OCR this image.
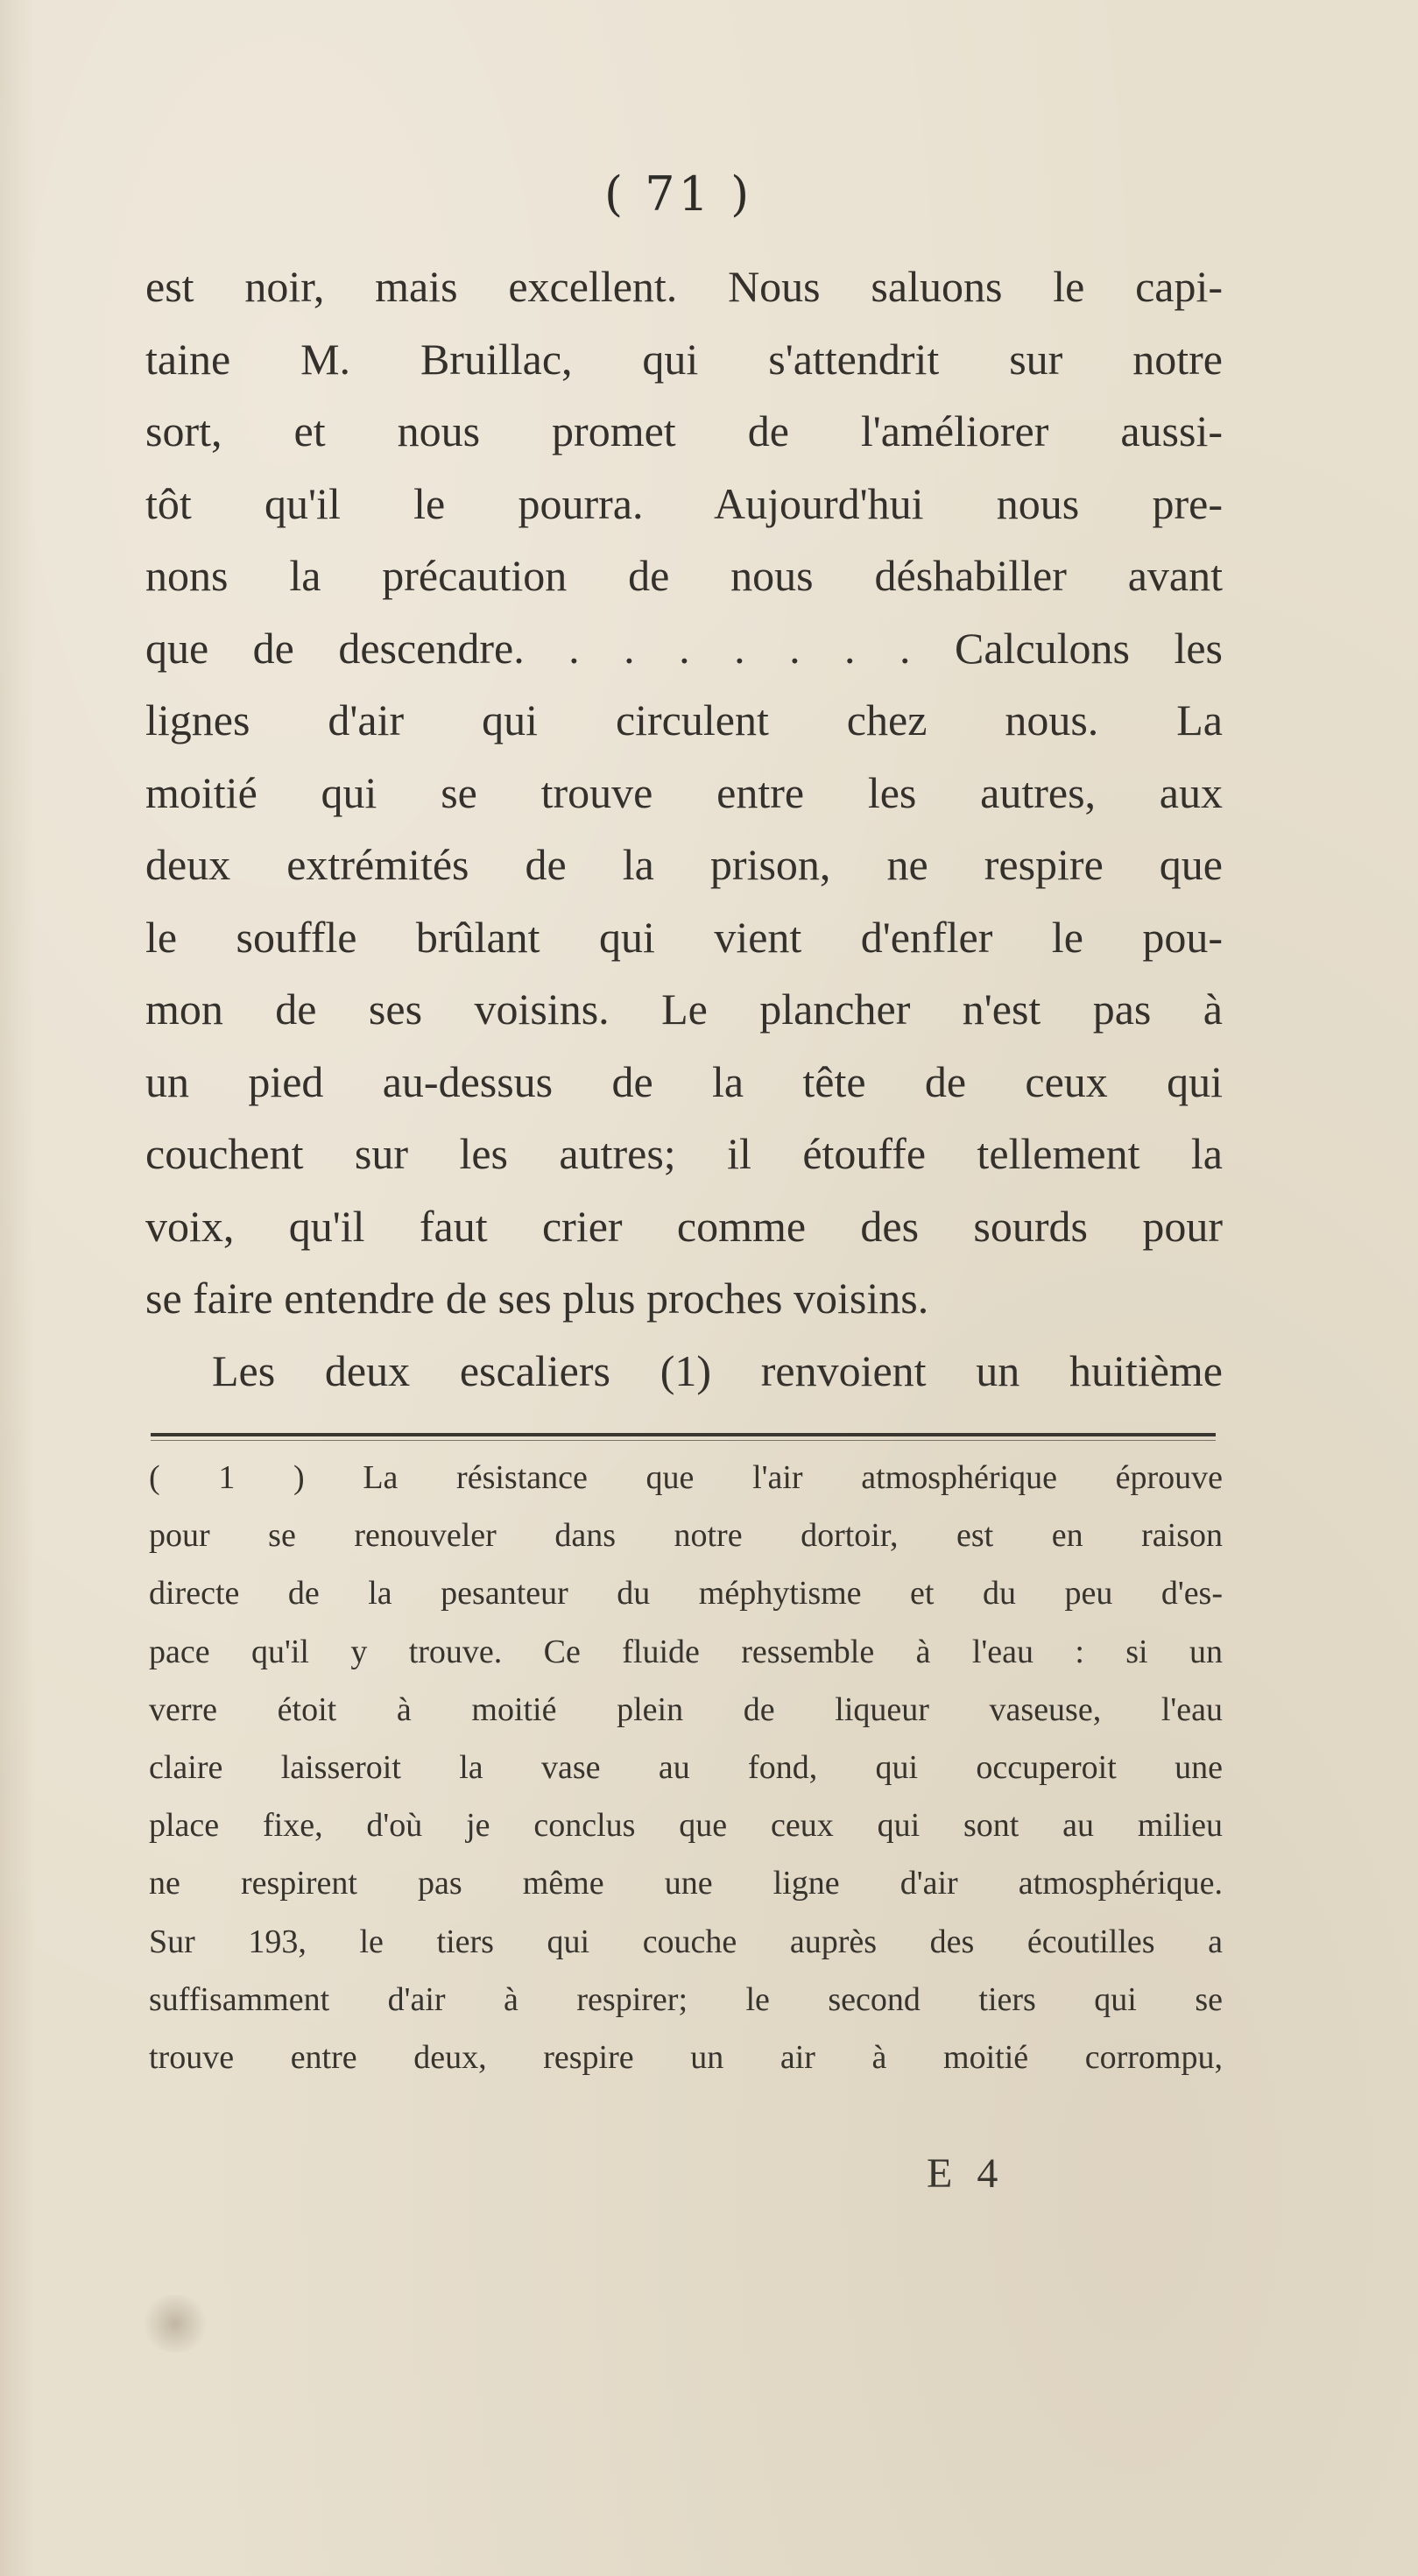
( 71 )
est noir, mais excellent. Nous saluons le capi-
taine M. Bruillac, qui s'attendrit sur notre
sort, et nous promet de l'améliorer aussi-
tôt qu'il le pourra. Aujourd'hui nous pre-
nons la précaution de nous déshabiller avant
que de descendre. . . . . . . . Calculons les
lignes d'air qui circulent chez nous. La
moitié qui se trouve entre les autres, aux
deux extrémités de la prison, ne respire que
le souffle brûlant qui vient d'enfler le pou-
mon de ses voisins. Le plancher n'est pas à
un pied au-dessus de la tête de ceux qui
couchent sur les autres; il étouffe tellement la
voix, qu'il faut crier comme des sourds pour
se faire entendre de ses plus proches voisins.
Les deux escaliers (1) renvoient un huitième
( 1 ) La résistance que l'air atmosphérique éprouve
pour se renouveler dans notre dortoir, est en raison
directe de la pesanteur du méphytisme et du peu d'es-
pace qu'il y trouve. Ce fluide ressemble à l'eau : si un
verre étoit à moitié plein de liqueur vaseuse, l'eau
claire laisseroit la vase au fond, qui occuperoit une
place fixe, d'où je conclus que ceux qui sont au milieu
ne respirent pas même une ligne d'air atmosphérique.
Sur 193, le tiers qui couche auprès des écoutilles a
suffisamment d'air à respirer; le second tiers qui se
trouve entre deux, respire un air à moitié corrompu,
E 4
